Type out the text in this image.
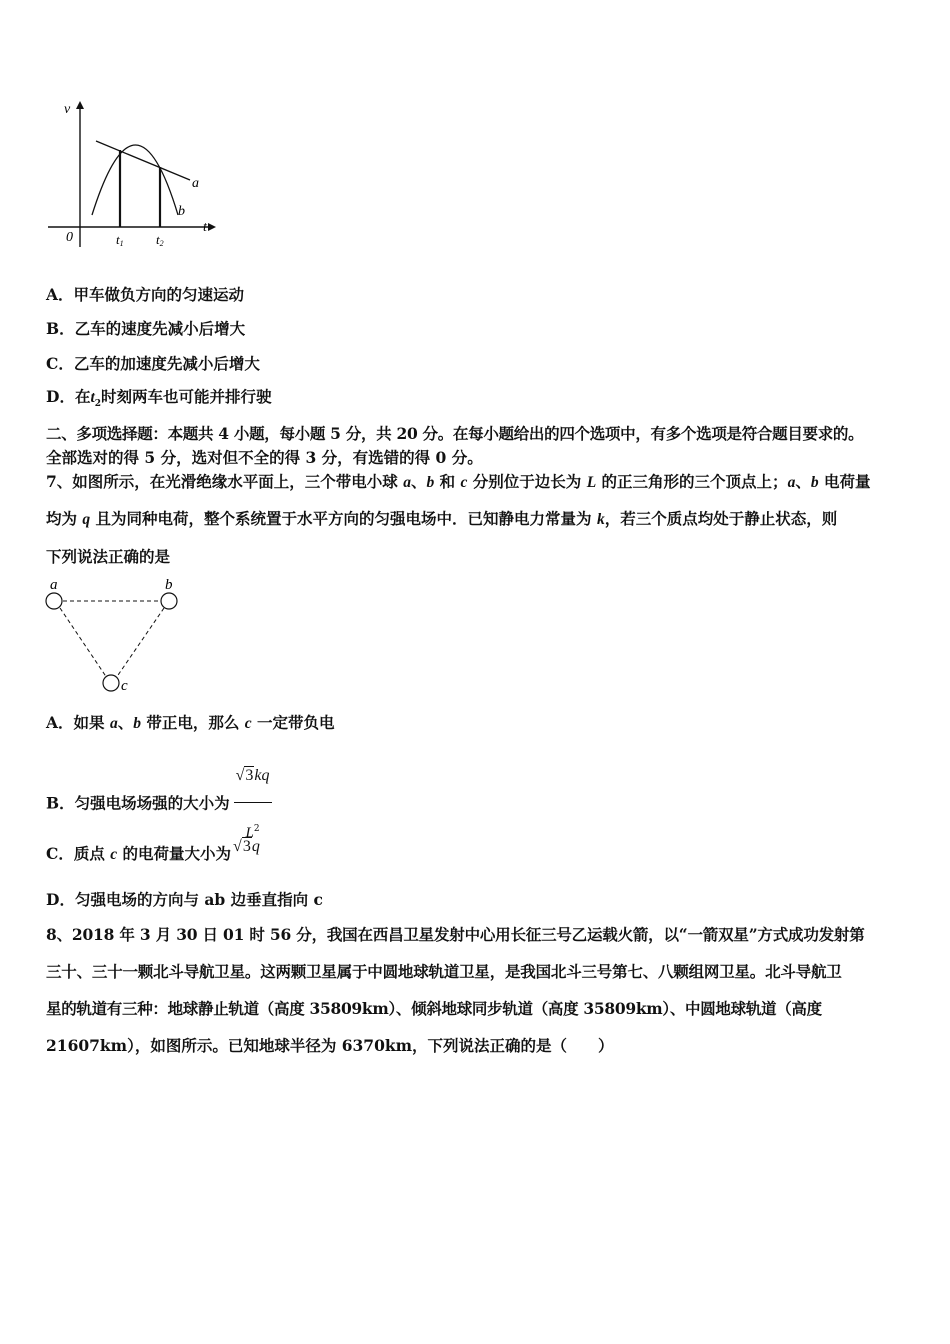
v
t
0
a
b
t1 t2
A．甲车做负方向的匀速运动
B．乙车的速度先减小后增大
C．乙车的加速度先减小后增大
D．在$t_2$时刻两车也可能并排行驶
二、多项选择题：本题共 4 小题，每小题 5 分，共 20 分。在每小题给出的四个选项中，有多个选项是符合题目要求的。
全部选对的得 5 分，选对但不全的得 3 分，有选错的得 0 分。
7、如图所示，在光滑绝缘水平面上，三个带电小球 a、b 和 c 分别位于边长为 L 的正三角形的三个顶点上；a、b 电荷量
均为 q 且为同种电荷，整个系统置于水平方向的匀强电场中．已知静电力常量为 k，若三个质点均处于静止状态，则
下列说法正确的是
a	b
c
A．如果 a、b 带正电，那么 c 一定带负电
B．匀强电场场强的大小为 $\frac{√3kq}{L^2}$
C．质点 c 的电荷量大小为 √3q
D．匀强电场的方向与 ab 边垂直指向 c
8、2018 年 3 月 30 日 01 时 56 分，我国在西昌卫星发射中心用长征三号乙运载火箭，以“一箭双星”方式成功发射第
三十、三十一颗北斗导航卫星。这两颗卫星属于中圆地球轨道卫星，是我国北斗三号第七、八颗组网卫星。北斗导航卫
星的轨道有三种：地球静止轨道（高度 35809km）、倾斜地球同步轨道（高度 35809km）、中圆地球轨道（高度
21607km），如图所示。已知地球半径为 6370km，下列说法正确的是（　　）
